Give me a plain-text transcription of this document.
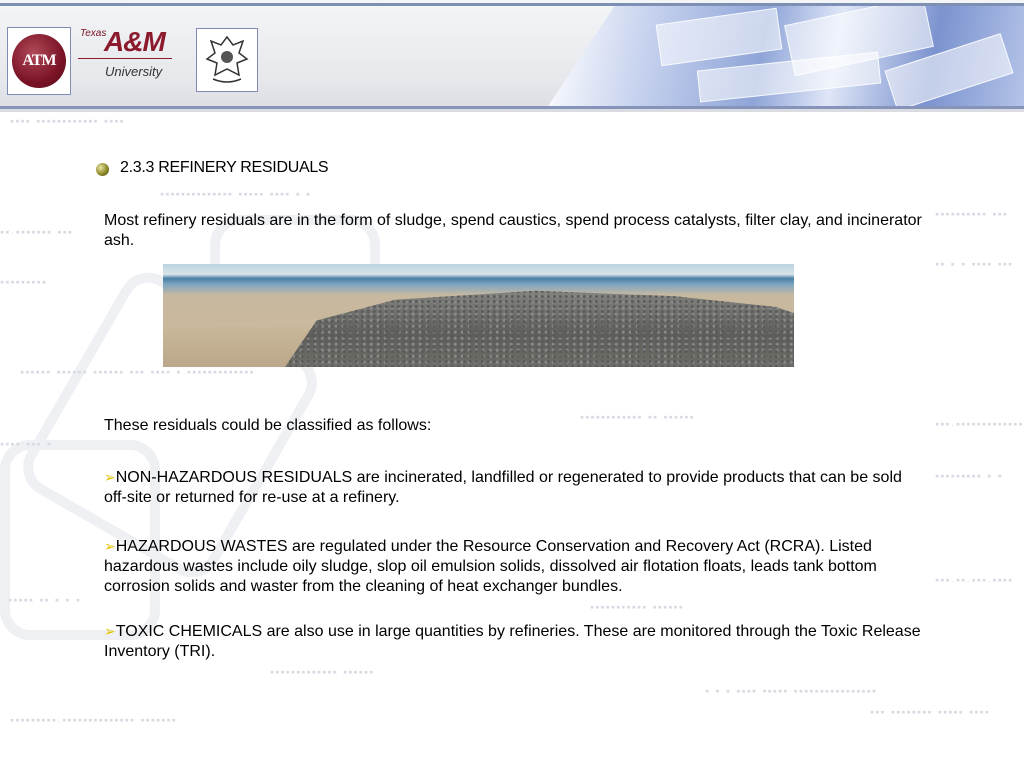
▪▪▪▪ ▪▪▪▪▪▪▪▪▪▪▪▪ ▪▪▪▪
▪▪▪▪▪▪▪▪▪▪▪▪▪▪ ▪▪▪▪▪ ▪▪▪▪ ▪ ▪
▪▪.▪▪▪▪▪▪▪ ▪▪▪
▪▪▪▪▪▪▪▪▪▪ ▪▪▪
▪▪ ▪ ▪ ▪▪▪▪ ▪▪▪
▪▪▪▪▪▪▪▪▪
▪▪▪▪▪▪ ▪▪▪▪▪▪ ▪▪▪▪▪▪ ▪▪▪ ▪▪▪▪ ▪ ▪▪▪▪▪▪▪▪▪▪▪▪▪
▪▪▪▪▪▪▪▪▪▪▪▪ ▪▪ ▪▪▪▪▪▪
▪▪▪.▪▪▪▪▪▪▪▪▪▪▪▪▪
▪▪▪▪ ▪▪▪ ▪
▪▪▪▪▪▪▪▪▪ ▪ ▪
▪▪▪.▪▪.▪▪▪.▪▪▪▪
▪▪▪▪▪ ▪▪ ▪ ▪ ▪
▪▪▪▪▪▪▪▪▪▪▪ ▪▪▪▪▪▪
▪▪▪▪▪▪▪▪▪▪▪▪▪ ▪▪▪▪▪▪
▪ ▪ ▪ ▪▪▪▪ ▪▪▪▪▪ ▪▪▪▪▪▪▪▪▪▪▪▪▪▪▪▪
▪▪▪ ▪▪▪▪▪▪▪▪ ▪▪▪▪▪ ▪▪▪▪
▪▪▪▪▪▪▪▪▪.▪▪▪▪▪▪▪▪▪▪▪▪▪▪ ▪▪▪▪▪▪▪
ATM
Texas
A&M
University
2.3.3 REFINERY RESIDUALS
Most refinery residuals are in the form of sludge, spend caustics, spend process catalysts, filter clay, and incinerator ash.
These residuals could be classified as follows:
➢NON-HAZARDOUS RESIDUALS are incinerated, landfilled or regenerated to provide products that can be sold off-site or returned for re-use at a refinery.
➢HAZARDOUS WASTES are regulated under the Resource Conservation and Recovery Act (RCRA). Listed hazardous wastes include oily sludge, slop oil emulsion solids, dissolved air flotation floats, leads tank bottom corrosion solids and waster from the cleaning of heat exchanger bundles.
➢TOXIC CHEMICALS are also use in large quantities by refineries. These are monitored through the Toxic Release Inventory (TRI).
